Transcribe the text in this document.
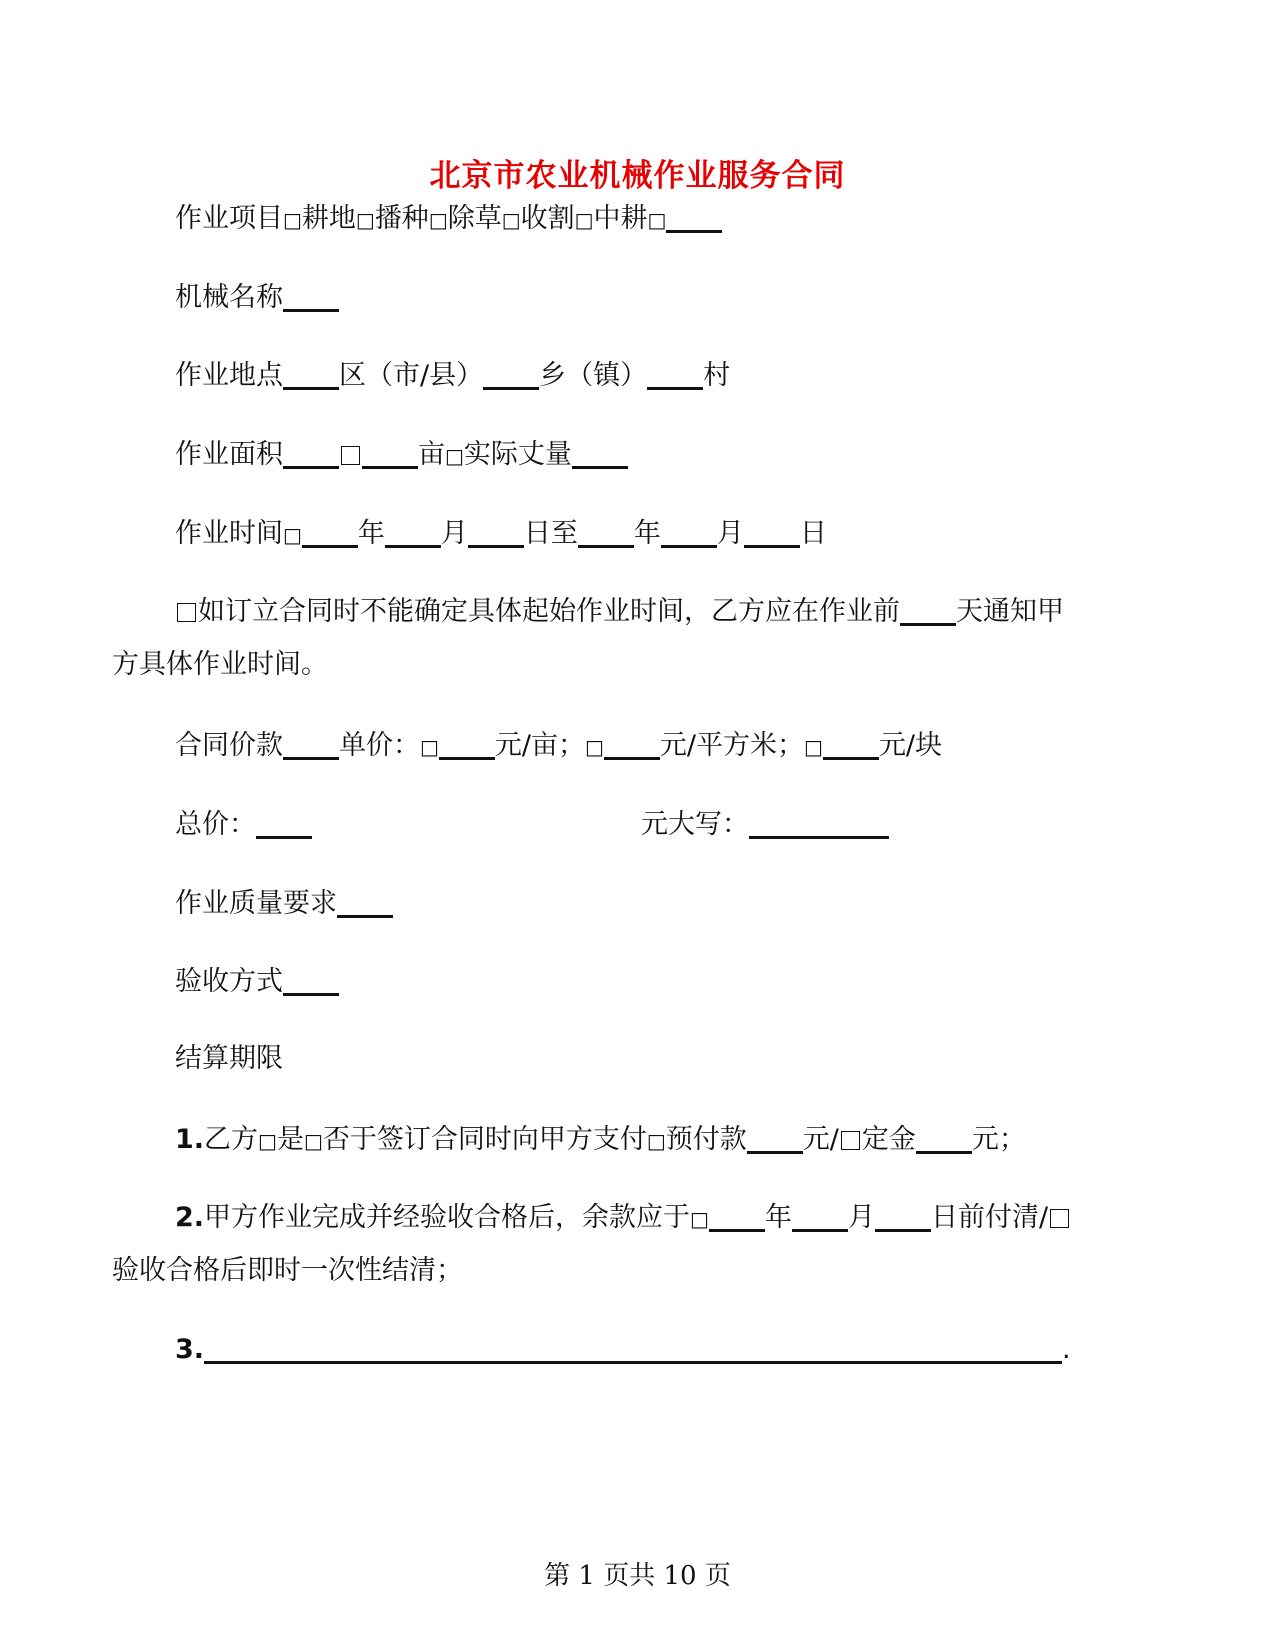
北京市农业机械作业服务合同
作业项目□耕地□播种□除草□收割□中耕□
机械名称
作业地点 区（市/县） 乡（镇） 村
作业面积	亩□实际丈量
作业时间□ 年 月 日至 年 月 日
如订立合同时不能确定具体起始作业时间，乙方应在作业前 天通知甲
方具体作业时间。
合同价款 单价：□ 元/亩；□ 元/平方米；□ 元/块
总价：	元大写：
作业质量要求
验收方式
结算期限
1.乙方□是□否于签订合同时向甲方支付□预付款 元/ 定金 元；
2.甲方作业完成并经验收合格后，余款应于□ 年 月 日前付清/
验收合格后即时一次性结清；
3.	.
第 1 页共 10 页
